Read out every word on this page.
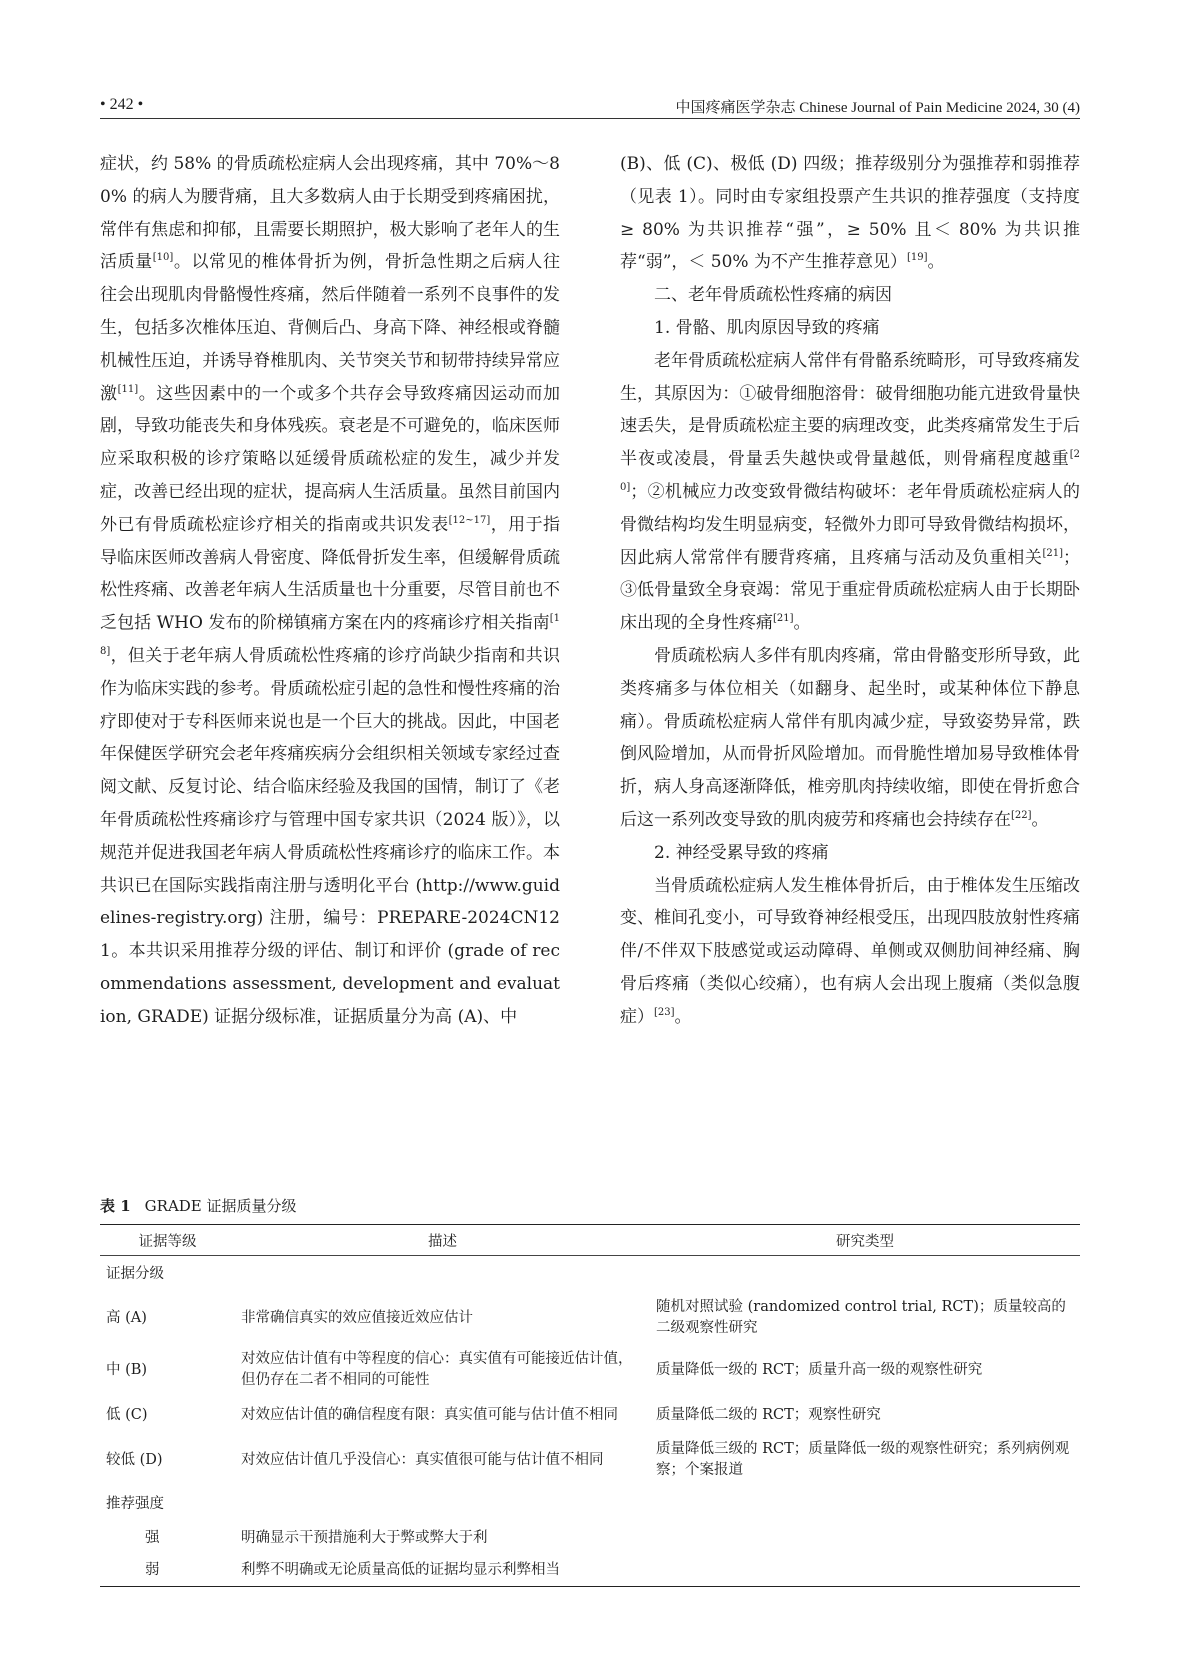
• 242 •	中国疼痛医学杂志 Chinese Journal of Pain Medicine 2024, 30 (4)

症状，约 58% 的骨质疏松症病人会出现疼痛，其中 70%～80% 的病人为腰背痛，且大多数病人由于长期受到疼痛困扰，常伴有焦虑和抑郁，且需要长期照护，极大影响了老年人的生活质量[10]。以常见的椎体骨折为例，骨折急性期之后病人往往会出现肌肉骨骼慢性疼痛，然后伴随着一系列不良事件的发生，包括多次椎体压迫、背侧后凸、身高下降、神经根或脊髓机械性压迫，并诱导脊椎肌肉、关节突关节和韧带持续异常应激[11]。这些因素中的一个或多个共存会导致疼痛因运动而加剧，导致功能丧失和身体残疾。衰老是不可避免的，临床医师应采取积极的诊疗策略以延缓骨质疏松症的发生，减少并发症，改善已经出现的症状，提高病人生活质量。虽然目前国内外已有骨质疏松症诊疗相关的指南或共识发表[12~17]，用于指导临床医师改善病人骨密度、降低骨折发生率，但缓解骨质疏松性疼痛、改善老年病人生活质量也十分重要，尽管目前也不乏包括 WHO 发布的阶梯镇痛方案在内的疼痛诊疗相关指南[18]，但关于老年病人骨质疏松性疼痛的诊疗尚缺少指南和共识作为临床实践的参考。骨质疏松症引起的急性和慢性疼痛的治疗即使对于专科医师来说也是一个巨大的挑战。因此，中国老年保健医学研究会老年疼痛疾病分会组织相关领域专家经过查阅文献、反复讨论、结合临床经验及我国的国情，制订了《老年骨质疏松性疼痛诊疗与管理中国专家共识（2024 版）》，以规范并促进我国老年病人骨质疏松性疼痛诊疗的临床工作。本共识已在国际实践指南注册与透明化平台 (http://www.guidelines-registry.org) 注册，编号：PREPARE-2024CN121。本共识采用推荐分级的评估、制订和评价 (grade of recommendations assessment, development and evaluation, GRADE) 证据分级标准，证据质量分为高 (A)、中

(B)、低 (C)、极低 (D) 四级；推荐级别分为强推荐和弱推荐（见表 1）。同时由专家组投票产生共识的推荐强度（支持度≥ 80% 为共识推荐“强”，≥ 50% 且＜ 80% 为共识推荐“弱”，＜ 50% 为不产生推荐意见）[19]。

二、老年骨质疏松性疼痛的病因

1. 骨骼、肌肉原因导致的疼痛

老年骨质疏松症病人常伴有骨骼系统畸形，可导致疼痛发生，其原因为：①破骨细胞溶骨：破骨细胞功能亢进致骨量快速丢失，是骨质疏松症主要的病理改变，此类疼痛常发生于后半夜或凌晨，骨量丢失越快或骨量越低，则骨痛程度越重[20]；②机械应力改变致骨微结构破坏：老年骨质疏松症病人的骨微结构均发生明显病变，轻微外力即可导致骨微结构损坏，因此病人常常伴有腰背疼痛，且疼痛与活动及负重相关[21]；③低骨量致全身衰竭：常见于重症骨质疏松症病人由于长期卧床出现的全身性疼痛[21]。

骨质疏松病人多伴有肌肉疼痛，常由骨骼变形所导致，此类疼痛多与体位相关（如翻身、起坐时，或某种体位下静息痛）。骨质疏松症病人常伴有肌肉减少症，导致姿势异常，跌倒风险增加，从而骨折风险增加。而骨脆性增加易导致椎体骨折，病人身高逐渐降低，椎旁肌肉持续收缩，即使在骨折愈合后这一系列改变导致的肌肉疲劳和疼痛也会持续存在[22]。

2. 神经受累导致的疼痛

当骨质疏松症病人发生椎体骨折后，由于椎体发生压缩改变、椎间孔变小，可导致脊神经根受压，出现四肢放射性疼痛伴/不伴双下肢感觉或运动障碍、单侧或双侧肋间神经痛、胸骨后疼痛（类似心绞痛），也有病人会出现上腹痛（类似急腹症）[23]。

表 1 GRADE 证据质量分级
证据等级	描述	研究类型
证据分级		
高 (A)	非常确信真实的效应值接近效应估计	随机对照试验 (randomized control trial, RCT)；质量较高的二级观察性研究
中 (B)	对效应估计值有中等程度的信心：真实值有可能接近估计值，但仍存在二者不相同的可能性	质量降低一级的 RCT；质量升高一级的观察性研究
低 (C)	对效应估计值的确信程度有限：真实值可能与估计值不相同	质量降低二级的 RCT；观察性研究
较低 (D)	对效应估计值几乎没信心：真实值很可能与估计值不相同	质量降低三级的 RCT；质量降低一级的观察性研究；系列病例观察；个案报道
推荐强度		
强	明确显示干预措施利大于弊或弊大于利	
弱	利弊不明确或无论质量高低的证据均显示利弊相当	
